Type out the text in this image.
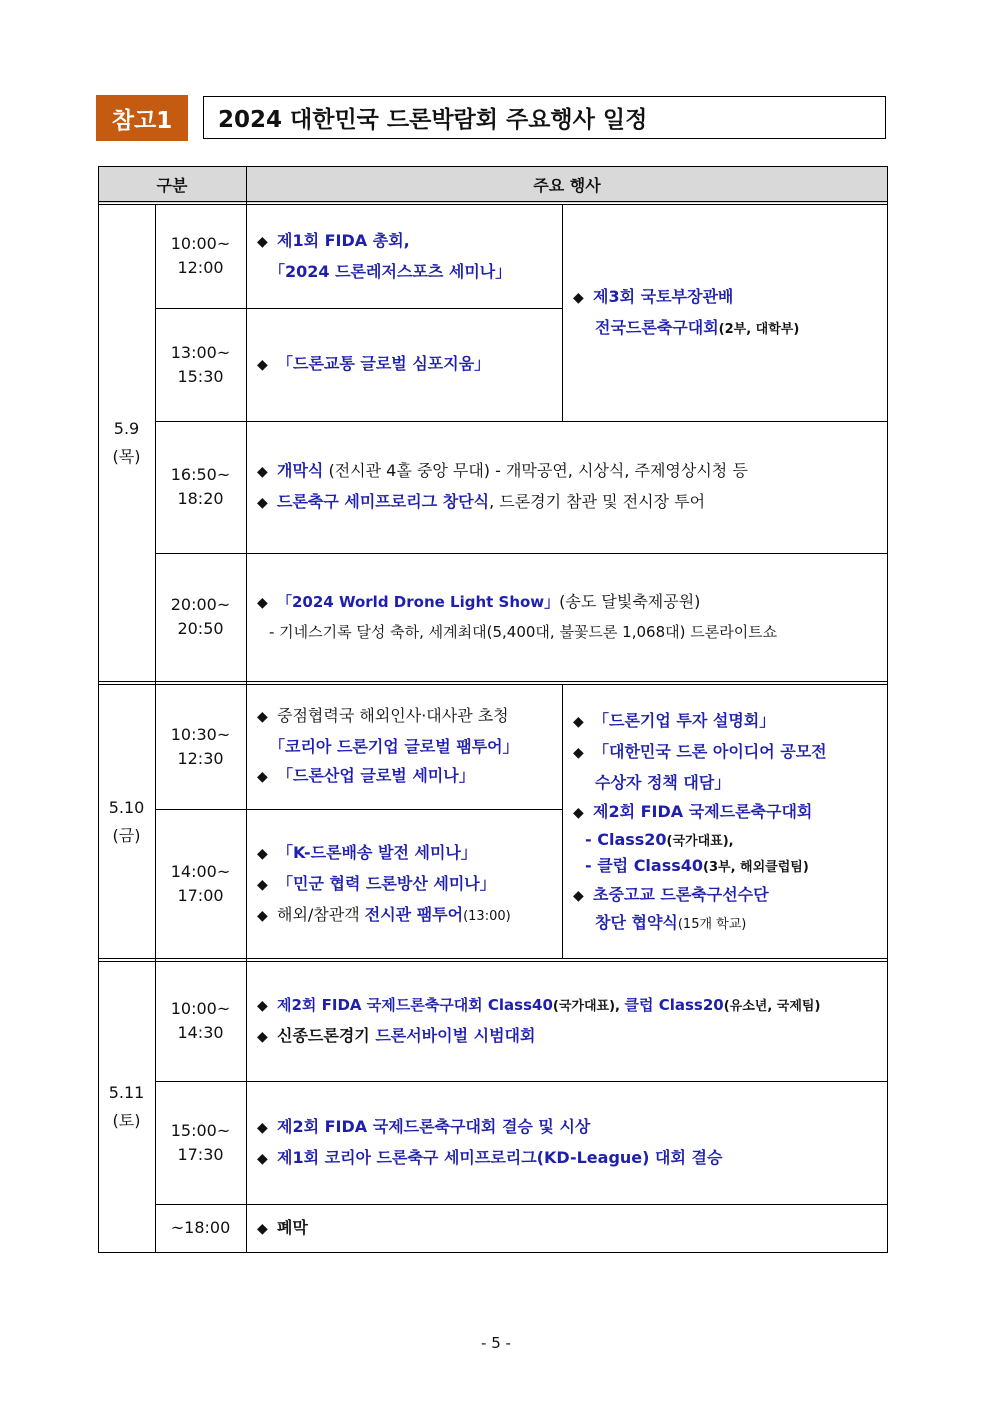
참고1	2024 대한민국 드론박람회 주요행사 일정
구분	주요 행사
5.9
(목)
5.10
(금)
5.11
(토)
10:00~
12:00
13:00~
15:30
16:50~
18:20
20:00~
20:50
10:30~
12:30
14:00~
17:00
10:00~
14:30
15:00~
17:30
~18:00
◆ 제1회 FIDA 총회,
「2024 드론레저스포츠 세미나」
◆ 「드론교통 글로벌 심포지움」
◆ 제3회 국토부장관배
전국드론축구대회(2부, 대학부)
◆ 개막식 (전시관 4홀 중앙 무대) - 개막공연, 시상식, 주제영상시청 등
◆ 드론축구 세미프로리그 창단식, 드론경기 참관 및 전시장 투어
◆ 「2024 World Drone Light Show」(송도 달빛축제공원)
- 기네스기록 달성 축하, 세계최대(5,400대, 불꽃드론 1,068대) 드론라이트쇼
◆ 중점협력국 해외인사·대사관 초청
「코리아 드론기업 글로벌 팸투어」
◆ 「드론산업 글로벌 세미나」
◆ 「K-드론배송 발전 세미나」
◆ 「민군 협력 드론방산 세미나」
◆ 해외/참관객 전시관 팸투어(13:00)
◆ 「드론기업 투자 설명회」
◆ 「대한민국 드론 아이디어 공모전
수상자 정책 대담」
◆ 제2회 FIDA 국제드론축구대회
- Class20(국가대표),
- 클럽 Class40(3부, 해외클럽팀)
◆ 초중고교 드론축구선수단
창단 협약식(15개 학교)
◆ 제2회 FIDA 국제드론축구대회 Class40(국가대표), 클럽 Class20(유소년, 국제팀)
◆ 신종드론경기 드론서바이벌 시범대회
◆ 제2회 FIDA 국제드론축구대회 결승 및 시상
◆ 제1회 코리아 드론축구 세미프로리그(KD-League) 대회 결승
◆ 폐막
- 5 -
